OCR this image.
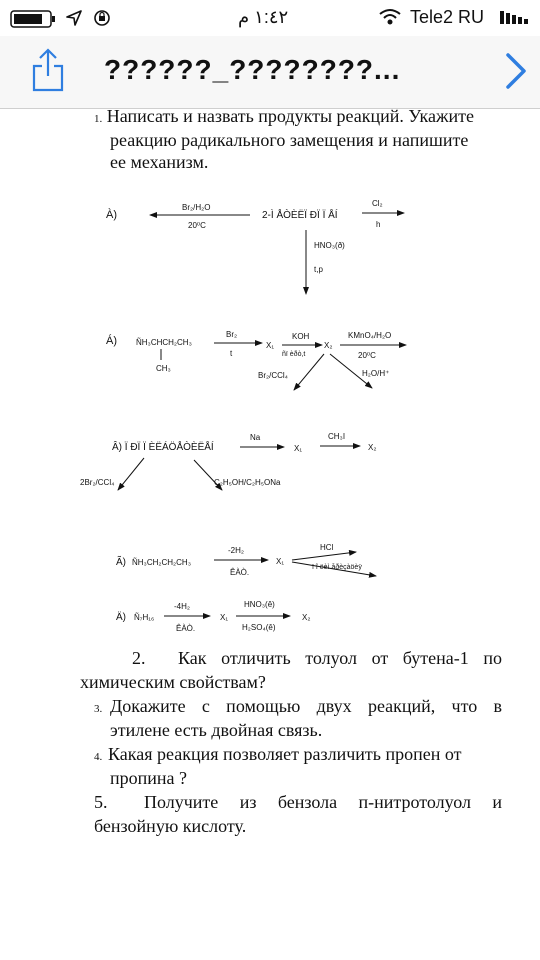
١:٤٢ م	Tele2 RU
??????_????????...
1. Написать и назвать продукты реакций. Укажите
реакцию радикального замещения и напишите
ее механизм.
À)
Br₂/H₂O
20⁰C
2-Ì ÅÒÈËÏ ÐÏ Ï ÅÍ
Cl₂
h
HNO₃(ð)
t,p
Á) ÑH₃CHCH₂CH₃
CH₃
Br₂
t
X₁
KOH
ñï èðò,t
X₂
KMnO₄/H₂O
20⁰C
Br₂/CCl₄	H₂O/H⁺
Â) Ï ÐÏ Ï ÈËÁÖÅÒÈËÅÍ
Na
X₁
CH₃I
X₂
2Br₂/CCl₄	C₂H₅OH/C₂H₅ONa
Ã) ÑH₃CH₂CH₂CH₃
-2H₂
ÊÀÒ.
X₁
HCl
ï î ëèì åðèçàöèÿ
Ä) Ñ₇H₁₆
-4H₂
ÊÀÒ.
X₁
HNO₃(ê)
H₂SO₄(ê)
X₂
2. Как отличить толуол от бутена-1 по
химическим свойствам?
3. Докажите с помощью двух реакций, что в
этилене есть двойная связь.
4. Какая реакция позволяет различить пропен от
пропина ?
5. Получите из бензола п-нитротолуол и
бензойную кислоту.
